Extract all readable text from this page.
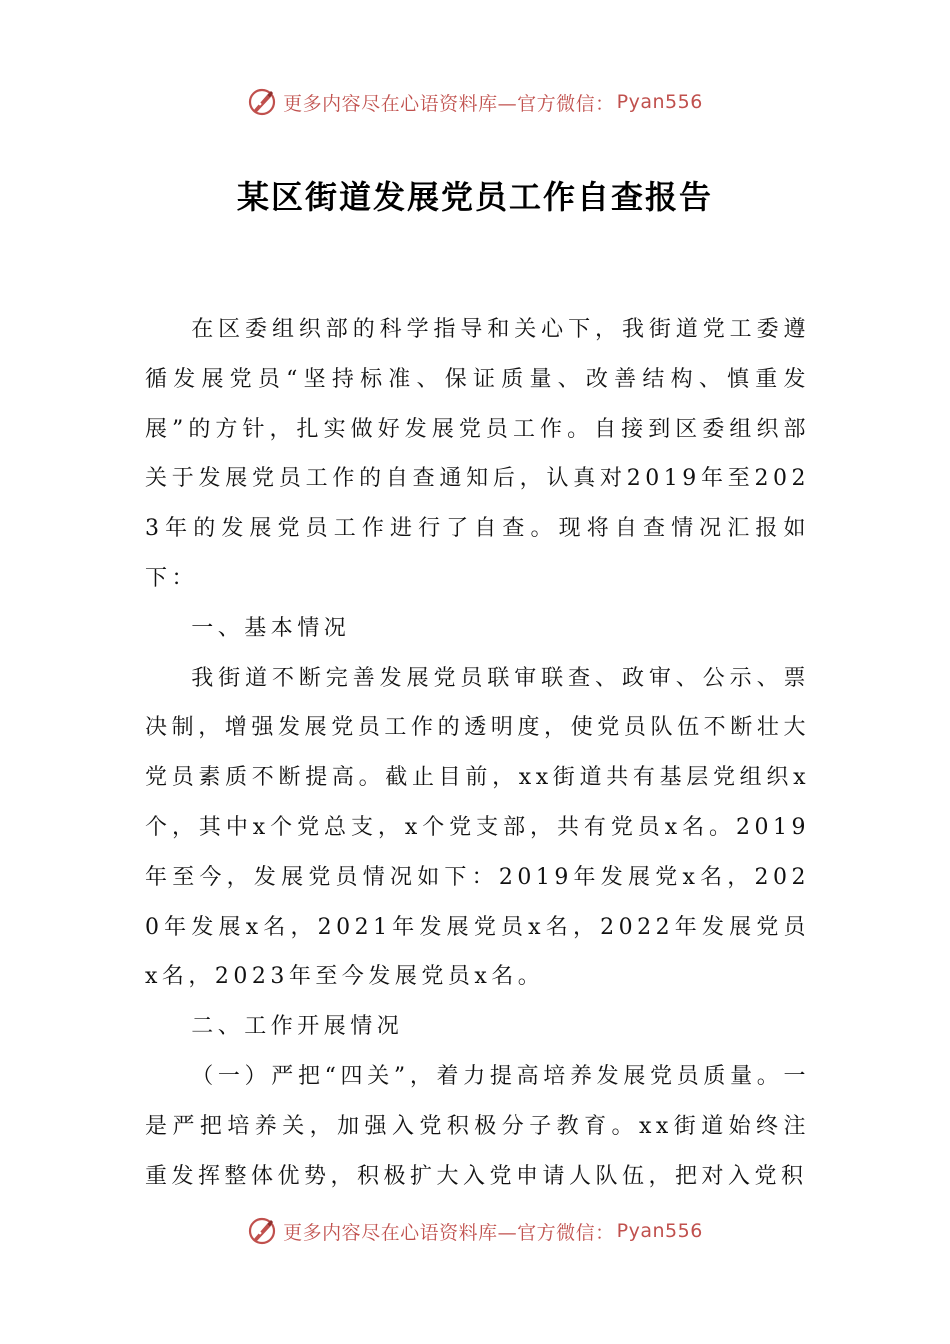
更多内容尽在心语资料库—官方微信： Pyan556
某区街道发展党员工作自查报告

在区委组织部的科学指导和关心下，我街道党工委遵循发展党员“坚持标准、保证质量、改善结构、慎重发展”的方针，扎实做好发展党员工作。自接到区委组织部关于发展党员工作的自查通知后，认真对2019年至2023年的发展党员工作进行了自查。现将自查情况汇报如下：

一、基本情况

我街道不断完善发展党员联审联查、政审、公示、票决制，增强发展党员工作的透明度，使党员队伍不断壮大党员素质不断提高。截止目前，xx街道共有基层党组织x个，其中x个党总支，x个党支部，共有党员x名。2019年至今，发展党员情况如下：2019年发展党x名，2020年发展x名，2021年发展党员x名，2022年发展党员x名，2023年至今发展党员x名。

二、工作开展情况

（一）严把“四关”，着力提高培养发展党员质量。一是严把培养关，加强入党积极分子教育。xx街道始终注重发挥整体优势，积极扩大入党申请人队伍，把对入党积

更多内容尽在心语资料库—官方微信： Pyan556
